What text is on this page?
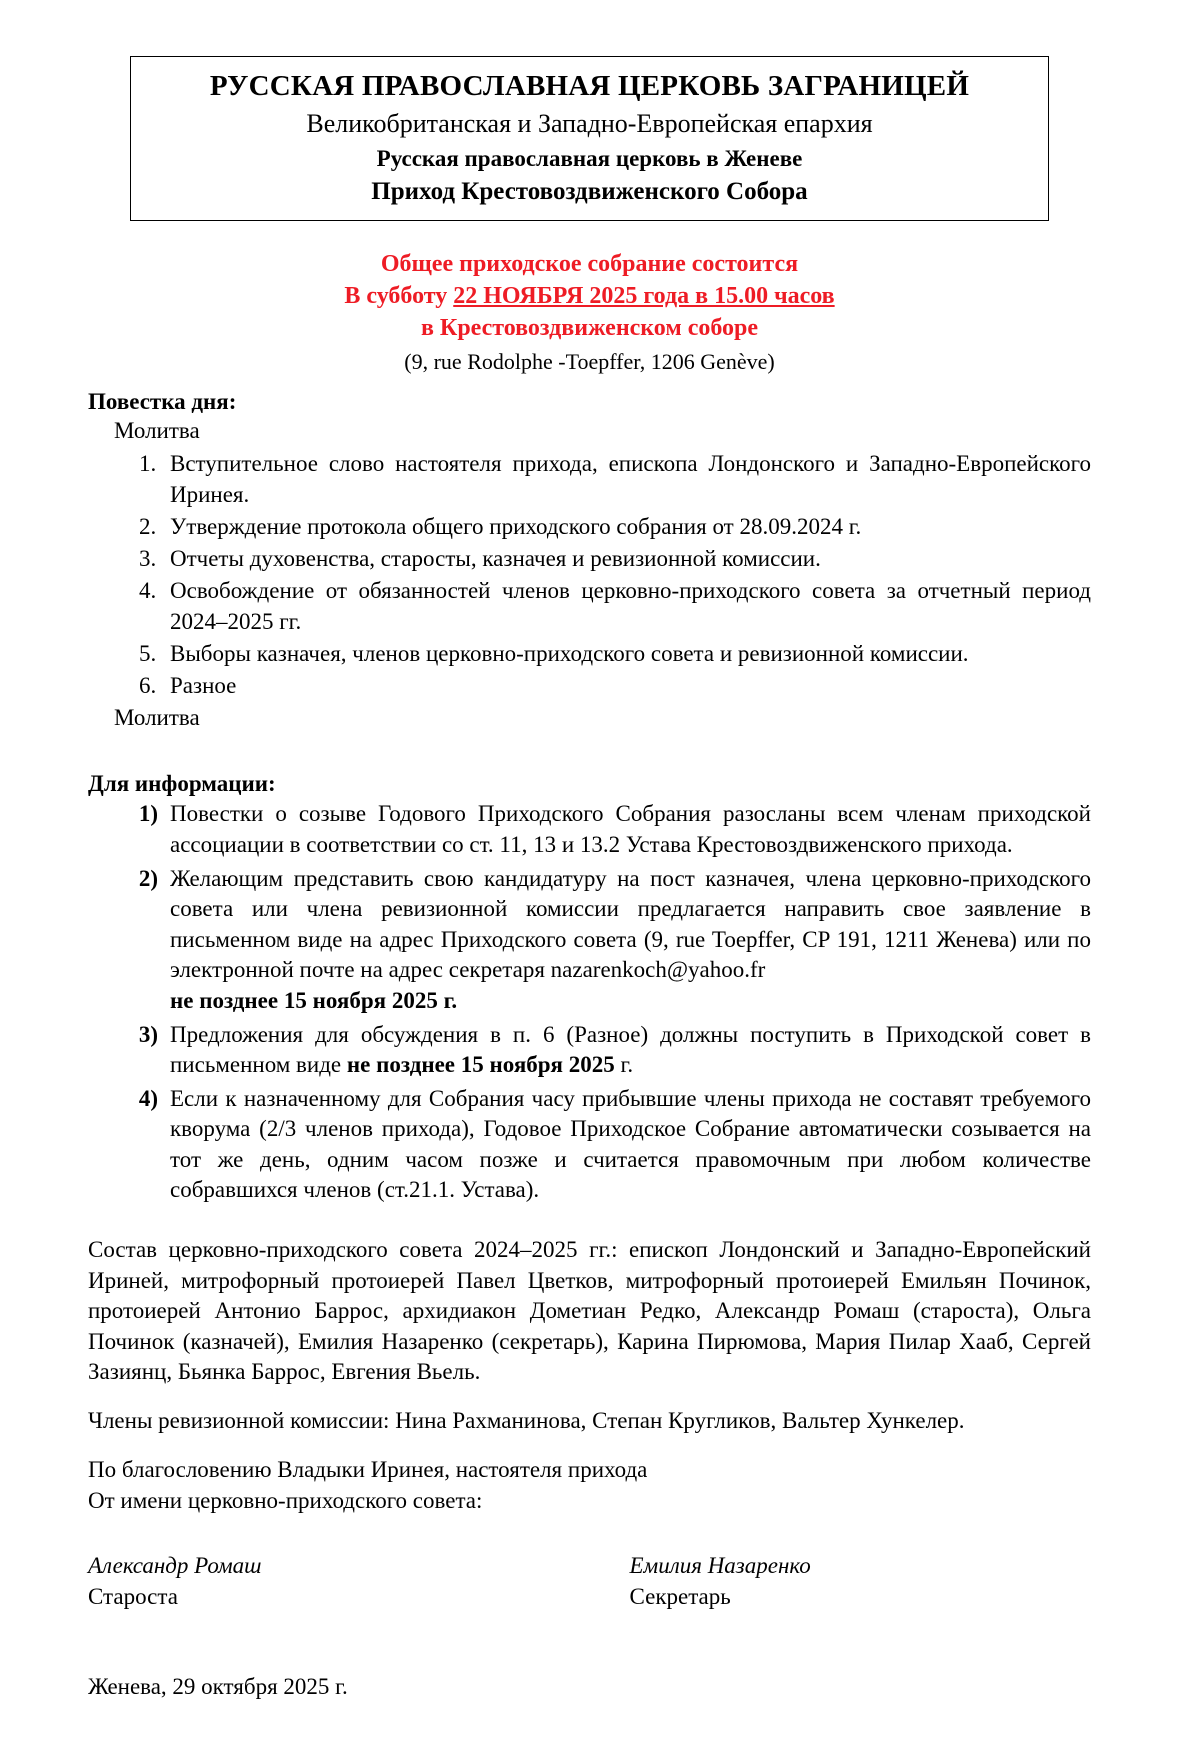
РУССКАЯ ПРАВОСЛАВНАЯ ЦЕРКОВЬ ЗАГРАНИЦЕЙ
Великобританская и Западно-Европейская епархия
Русская православная церковь в Женеве
Приход Крестовоздвиженского Собора
Общее приходское собрание состоится
В субботу 22 НОЯБРЯ 2025 года в 15.00 часов
в Крестовоздвиженском соборе
(9, rue Rodolphe -Toepffer, 1206 Genève)
Повестка дня:
Молитва
1. Вступительное слово настоятеля прихода, епископа Лондонского и Западно-Европейского Иринея.
2. Утверждение протокола общего приходского собрания от 28.09.2024 г.
3. Отчеты духовенства, старосты, казначея и ревизионной комиссии.
4. Освобождение от обязанностей членов церковно-приходского совета за отчетный период 2024–2025 гг.
5. Выборы казначея, членов церковно-приходского совета и ревизионной комиссии.
6. Разное
Молитва
Для информации:
Повестки о созыве Годового Приходского Собрания разосланы всем членам приходской ассоциации в соответствии со ст. 11, 13 и 13.2 Устава Крестовоздвиженского прихода.
Желающим представить свою кандидатуру на пост казначея, члена церковно-приходского совета или члена ревизионной комиссии предлагается направить свое заявление в письменном виде на адрес Приходского совета (9, rue Toepffer, CP 191, 1211 Женева) или по электронной почте на адрес секретаря nazarenkoch@yahoo.fr
не позднее 15 ноября 2025 г.
Предложения для обсуждения в п. 6 (Разное) должны поступить в Приходской совет в письменном виде не позднее 15 ноября 2025 г.
Если к назначенному для Собрания часу прибывшие члены прихода не составят требуемого кворума (2/3 членов прихода), Годовое Приходское Собрание автоматически созывается на тот же день, одним часом позже и считается правомочным при любом количестве собравшихся членов (ст.21.1. Устава).
Состав церковно-приходского совета 2024–2025 гг.: епископ Лондонский и Западно-Европейский Ириней, митрофорный протоиерей Павел Цветков, митрофорный протоиерей Емильян Починок, протоиерей Антонио Баррос, архидиакон Дометиан Редко, Александр Ромаш (староста), Ольга Починок (казначей), Емилия Назаренко (секретарь), Карина Пирюмова, Мария Пилар Хааб, Сергей Зазиянц, Бьянка Баррос, Евгения Вьель.
Члены ревизионной комиссии: Нина Рахманинова, Степан Кругликов, Вальтер Хункелер.
По благословению Владыки Иринея, настоятеля прихода
От имени церковно-приходского совета:
Александр Ромаш
Староста
Емилия Назаренко
Секретарь
Женева, 29 октября 2025 г.
